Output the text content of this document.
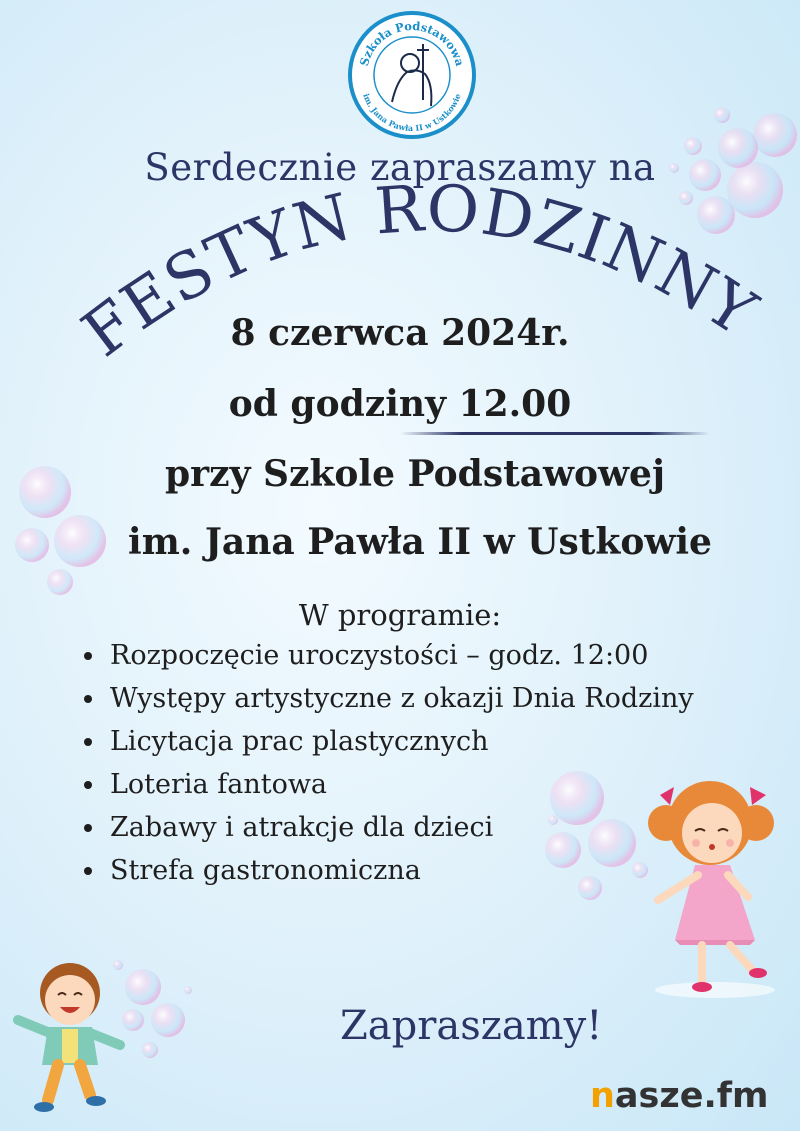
Szkoła Podstawowa
im. Jana Pawła II w Ustkowie
Serdecznie zapraszamy na
FESTYN RODZINNY
8 czerwca 2024r.
od godziny 12.00
przy Szkole Podstawowej
im. Jana Pawła II w Ustkowie
W programie:
Rozpoczęcie uroczystości – godz. 12:00
Występy artystyczne z okazji Dnia Rodziny
Licytacja prac plastycznych
Loteria fantowa
Zabawy i atrakcje dla dzieci
Strefa gastronomiczna
Zapraszamy!
nasze.fm
